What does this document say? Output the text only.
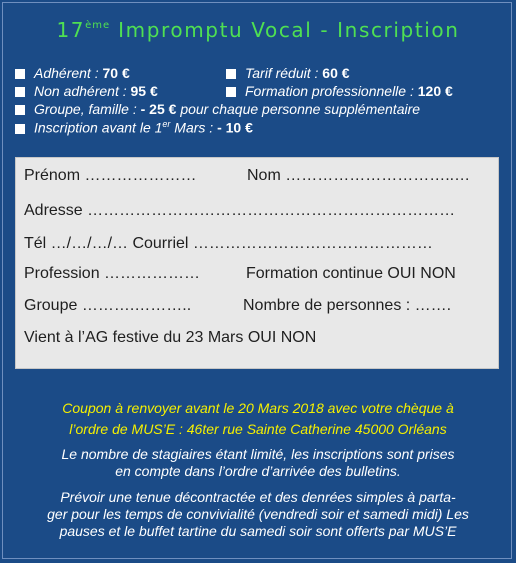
17ème Impromptu Vocal - Inscription
Adhérent : 70 €	Tarif réduit : 60 €
Non adhérent : 95 €	Formation professionnelle : 120 €
Groupe, famille : - 25 € pour chaque personne supplémentaire
Inscription avant le 1er Mars : - 10 €
Prénom …………………	Nom …………………………..…
Adresse ……………………………………………………………
Tél …/…/…/… Courriel ………………………………………
Profession ………………	Formation continue OUI NON
Groupe ……….………..	Nombre de personnes : …….
Vient à l’AG festive du 23 Mars OUI NON
Coupon à renvoyer avant le 20 Mars 2018 avec votre chèque à
l’ordre de MUS’E : 46ter rue Sainte Catherine 45000 Orléans
Le nombre de stagiaires étant limité, les inscriptions sont prises
en compte dans l’ordre d’arrivée des bulletins.
Prévoir une tenue décontractée et des denrées simples à parta-
ger pour les temps de convivialité (vendredi soir et samedi midi) Les
pauses et le buffet tartine du samedi soir sont offerts par MUS’E
